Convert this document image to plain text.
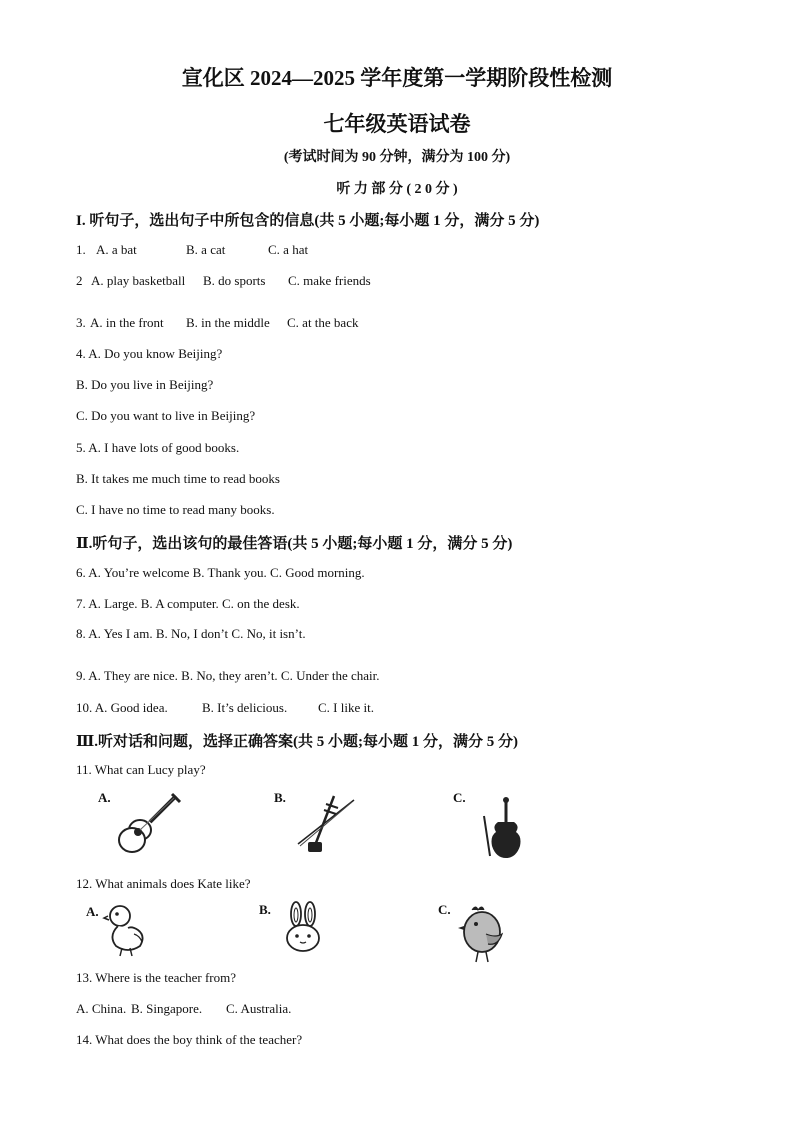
宣化区 2024—2025 学年度第一学期阶段性检测
七年级英语试卷
(考试时间为 90 分钟，满分为 100 分)
听 力 部 分 ( 2 0 分 )
I. 听句子，选出句子中所包含的信息(共 5 小题;每小题 1 分，满分 5 分)
1. A. a bat	B. a cat	C. a hat
2 A. play basketball B. do sports C. make friends
3. A. in the front B. in the middle C. at the back
4. A. Do you know Beijing?
B. Do you live in Beijing?
C. Do you want to live in Beijing?
5. A. I have lots of good books.
B. It takes me much time to read books
C. I have no time to read many books.
Ⅱ.听句子，选出该句的最佳答语(共 5 小题;每小题 1 分，满分 5 分)
6. A. You’re welcome B. Thank you. C. Good morning.
7. A. Large. B. A computer. C. on the desk.
8. A. Yes I am. B. No, I don’t C. No, it isn’t.
9. A. They are nice. B. No, they aren’t. C. Under the chair.
10. A. Good idea.	B. It’s delicious. C. I like it.
Ⅲ.听对话和问题，选择正确答案(共 5 小题;每小题 1 分，满分 5 分)
11. What can Lucy play?
A.	B.	C.
12. What animals does Kate like?
A.	B.	C.
13. Where is the teacher from?
A. China. B. Singapore. C. Australia.
14. What does the boy think of the teacher?
